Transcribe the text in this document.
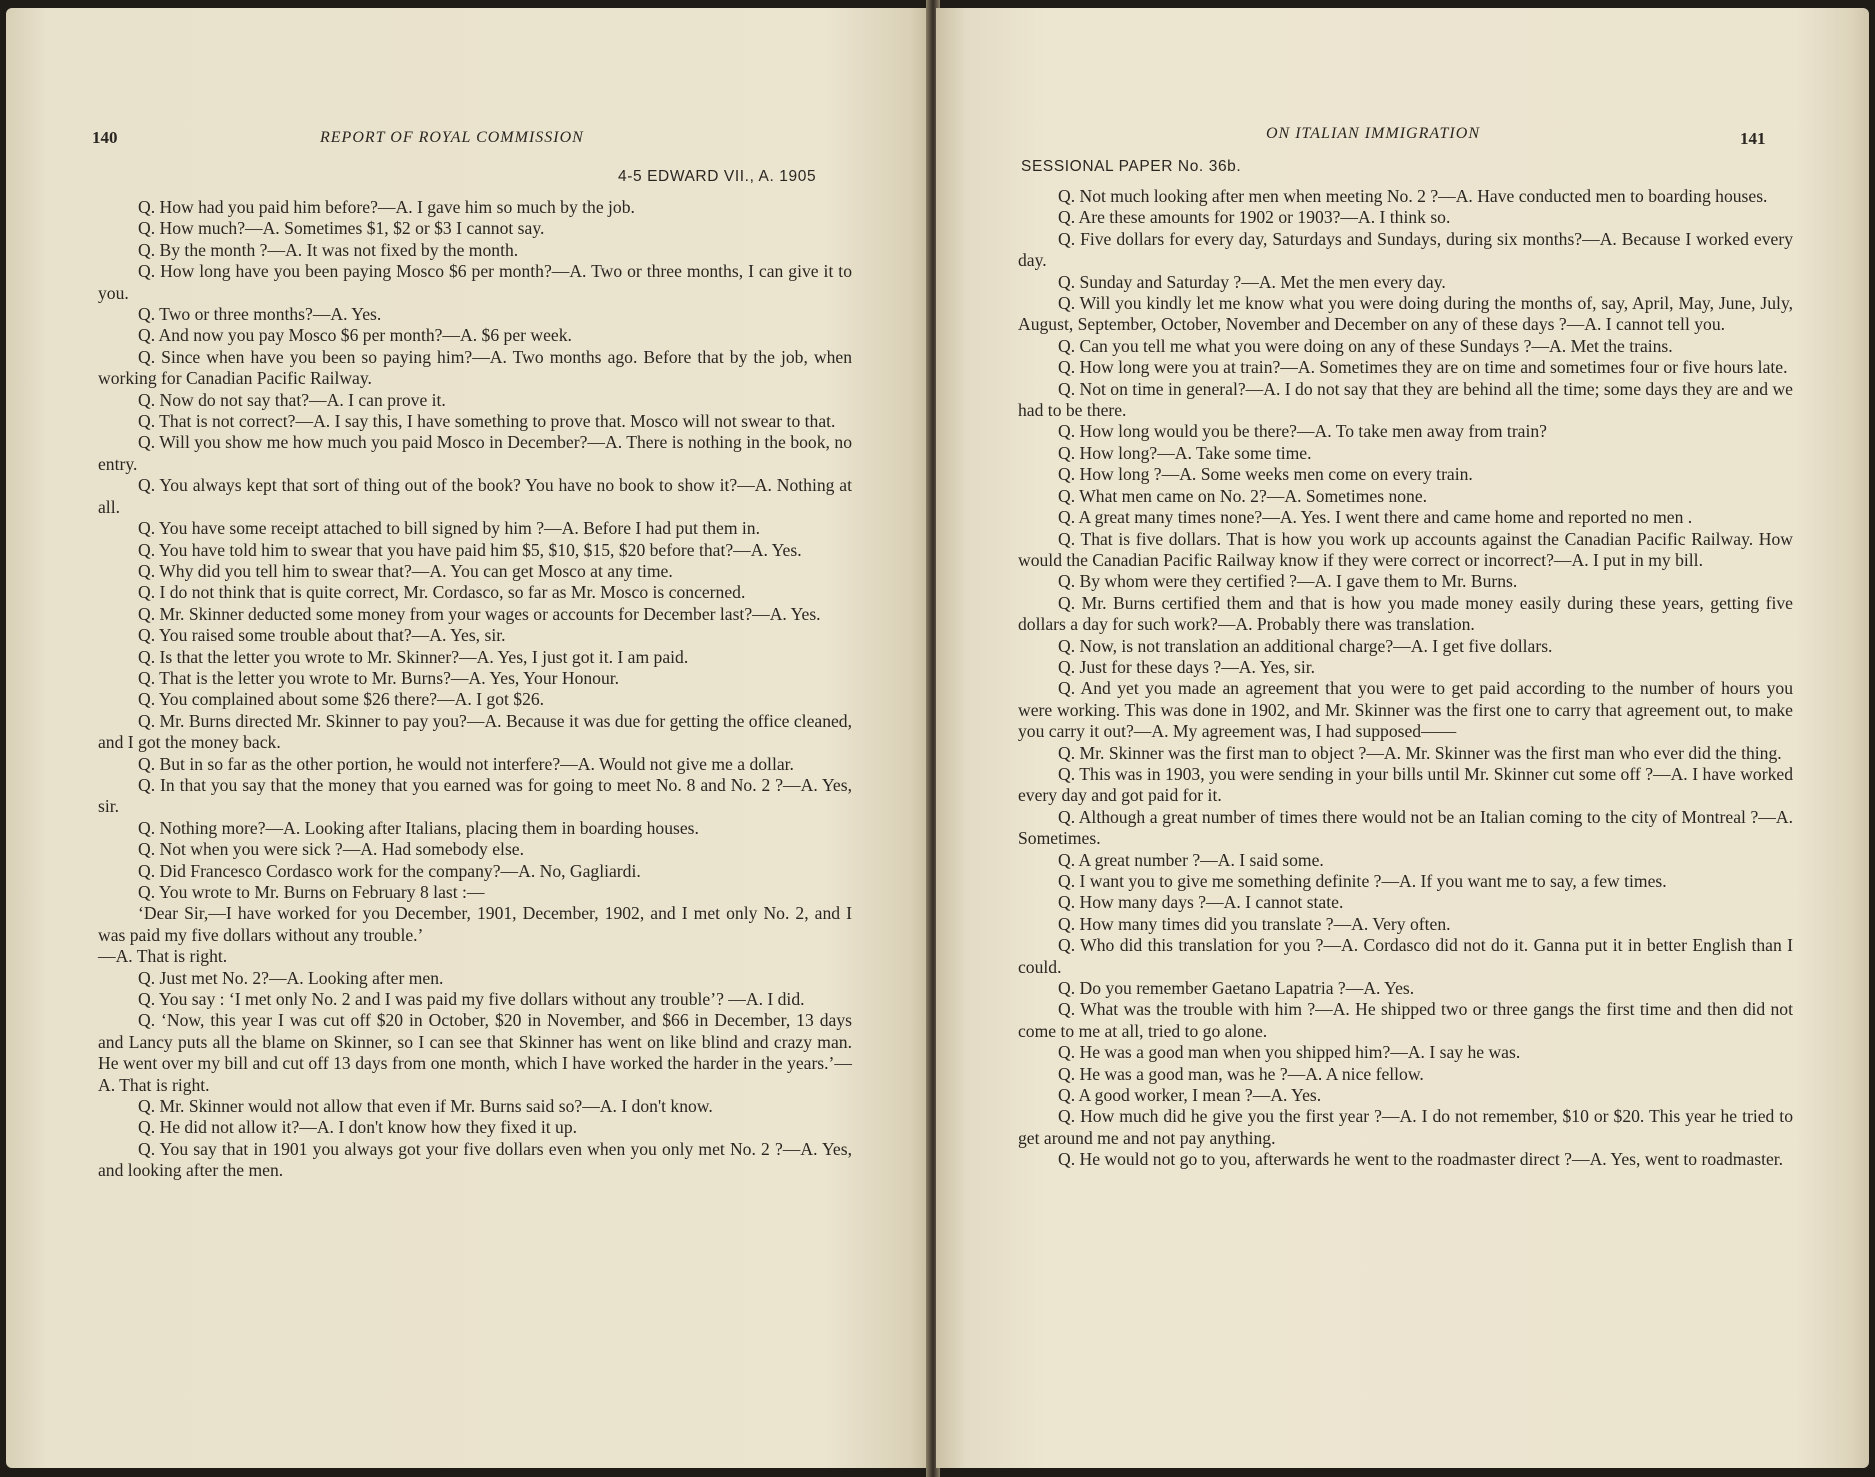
140	REPORT OF ROYAL COMMISSION
4-5 EDWARD VII., A. 1905

Q. How had you paid him before?—A. I gave him so much by the job.

Q. How much?—A. Sometimes $1, $2 or $3 I cannot say.

Q. By the month ?—A. It was not fixed by the month.

Q. How long have you been paying Mosco $6 per month?—A. Two or three months, I can give it to you.

Q. Two or three months?—A. Yes.

Q. And now you pay Mosco $6 per month?—A. $6 per week.

Q. Since when have you been so paying him?—A. Two months ago. Before that by the job, when working for Canadian Pacific Railway.

Q. Now do not say that?—A. I can prove it.

Q. That is not correct?—A. I say this, I have something to prove that. Mosco will not swear to that.

Q. Will you show me how much you paid Mosco in December?—A. There is nothing in the book, no entry.

Q. You always kept that sort of thing out of the book? You have no book to show it?—A. Nothing at all.

Q. You have some receipt attached to bill signed by him ?—A. Before I had put them in.

Q. You have told him to swear that you have paid him $5, $10, $15, $20 before that?—A. Yes.

Q. Why did you tell him to swear that?—A. You can get Mosco at any time.

Q. I do not think that is quite correct, Mr. Cordasco, so far as Mr. Mosco is concerned.

Q. Mr. Skinner deducted some money from your wages or accounts for December last?—A. Yes.

Q. You raised some trouble about that?—A. Yes, sir.

Q. Is that the letter you wrote to Mr. Skinner?—A. Yes, I just got it. I am paid.

Q. That is the letter you wrote to Mr. Burns?—A. Yes, Your Honour.

Q. You complained about some $26 there?—A. I got $26.

Q. Mr. Burns directed Mr. Skinner to pay you?—A. Because it was due for getting the office cleaned, and I got the money back.

Q. But in so far as the other portion, he would not interfere?—A. Would not give me a dollar.

Q. In that you say that the money that you earned was for going to meet No. 8 and No. 2 ?—A. Yes, sir.

Q. Nothing more?—A. Looking after Italians, placing them in boarding houses.

Q. Not when you were sick ?—A. Had somebody else.

Q. Did Francesco Cordasco work for the company?—A. No, Gagliardi.

Q. You wrote to Mr. Burns on February 8 last :—

‘Dear Sir,—I have worked for you December, 1901, December, 1902, and I met only No. 2, and I was paid my five dollars without any trouble.’

—A. That is right.

Q. Just met No. 2?—A. Looking after men.

Q. You say : ‘I met only No. 2 and I was paid my five dollars without any trouble’? —A. I did.

Q. ‘Now, this year I was cut off $20 in October, $20 in November, and $66 in December, 13 days and Lancy puts all the blame on Skinner, so I can see that Skinner has went on like blind and crazy man. He went over my bill and cut off 13 days from one month, which I have worked the harder in the years.’—A. That is right.

Q. Mr. Skinner would not allow that even if Mr. Burns said so?—A. I don't know.

Q. He did not allow it?—A. I don't know how they fixed it up.

Q. You say that in 1901 you always got your five dollars even when you only met No. 2 ?—A. Yes, and looking after the men.

ON ITALIAN IMMIGRATION	141
SESSIONAL PAPER No. 36b.

Q. Not much looking after men when meeting No. 2 ?—A. Have conducted men to boarding houses.

Q. Are these amounts for 1902 or 1903?—A. I think so.

Q. Five dollars for every day, Saturdays and Sundays, during six months?—A. Because I worked every day.

Q. Sunday and Saturday ?—A. Met the men every day.

Q. Will you kindly let me know what you were doing during the months of, say, April, May, June, July, August, September, October, November and December on any of these days ?—A. I cannot tell you.

Q. Can you tell me what you were doing on any of these Sundays ?—A. Met the trains.

Q. How long were you at train?—A. Sometimes they are on time and sometimes four or five hours late.

Q. Not on time in general?—A. I do not say that they are behind all the time; some days they are and we had to be there.

Q. How long would you be there?—A. To take men away from train?

Q. How long?—A. Take some time.

Q. How long ?—A. Some weeks men come on every train.

Q. What men came on No. 2?—A. Sometimes none.

Q. A great many times none?—A. Yes. I went there and came home and reported no men .

Q. That is five dollars. That is how you work up accounts against the Canadian Pacific Railway. How would the Canadian Pacific Railway know if they were correct or incorrect?—A. I put in my bill.

Q. By whom were they certified ?—A. I gave them to Mr. Burns.

Q. Mr. Burns certified them and that is how you made money easily during these years, getting five dollars a day for such work?—A. Probably there was translation.

Q. Now, is not translation an additional charge?—A. I get five dollars.

Q. Just for these days ?—A. Yes, sir.

Q. And yet you made an agreement that you were to get paid according to the number of hours you were working. This was done in 1902, and Mr. Skinner was the first one to carry that agreement out, to make you carry it out?—A. My agreement was, I had supposed——

Q. Mr. Skinner was the first man to object ?—A. Mr. Skinner was the first man who ever did the thing.

Q. This was in 1903, you were sending in your bills until Mr. Skinner cut some off ?—A. I have worked every day and got paid for it.

Q. Although a great number of times there would not be an Italian coming to the city of Montreal ?—A. Sometimes.

Q. A great number ?—A. I said some.

Q. I want you to give me something definite ?—A. If you want me to say, a few times.

Q. How many days ?—A. I cannot state.

Q. How many times did you translate ?—A. Very often.

Q. Who did this translation for you ?—A. Cordasco did not do it. Ganna put it in better English than I could.

Q. Do you remember Gaetano Lapatria ?—A. Yes.

Q. What was the trouble with him ?—A. He shipped two or three gangs the first time and then did not come to me at all, tried to go alone.

Q. He was a good man when you shipped him?—A. I say he was.

Q. He was a good man, was he ?—A. A nice fellow.

Q. A good worker, I mean ?—A. Yes.

Q. How much did he give you the first year ?—A. I do not remember, $10 or $20. This year he tried to get around me and not pay anything.

Q. He would not go to you, afterwards he went to the roadmaster direct ?—A. Yes, went to roadmaster.
